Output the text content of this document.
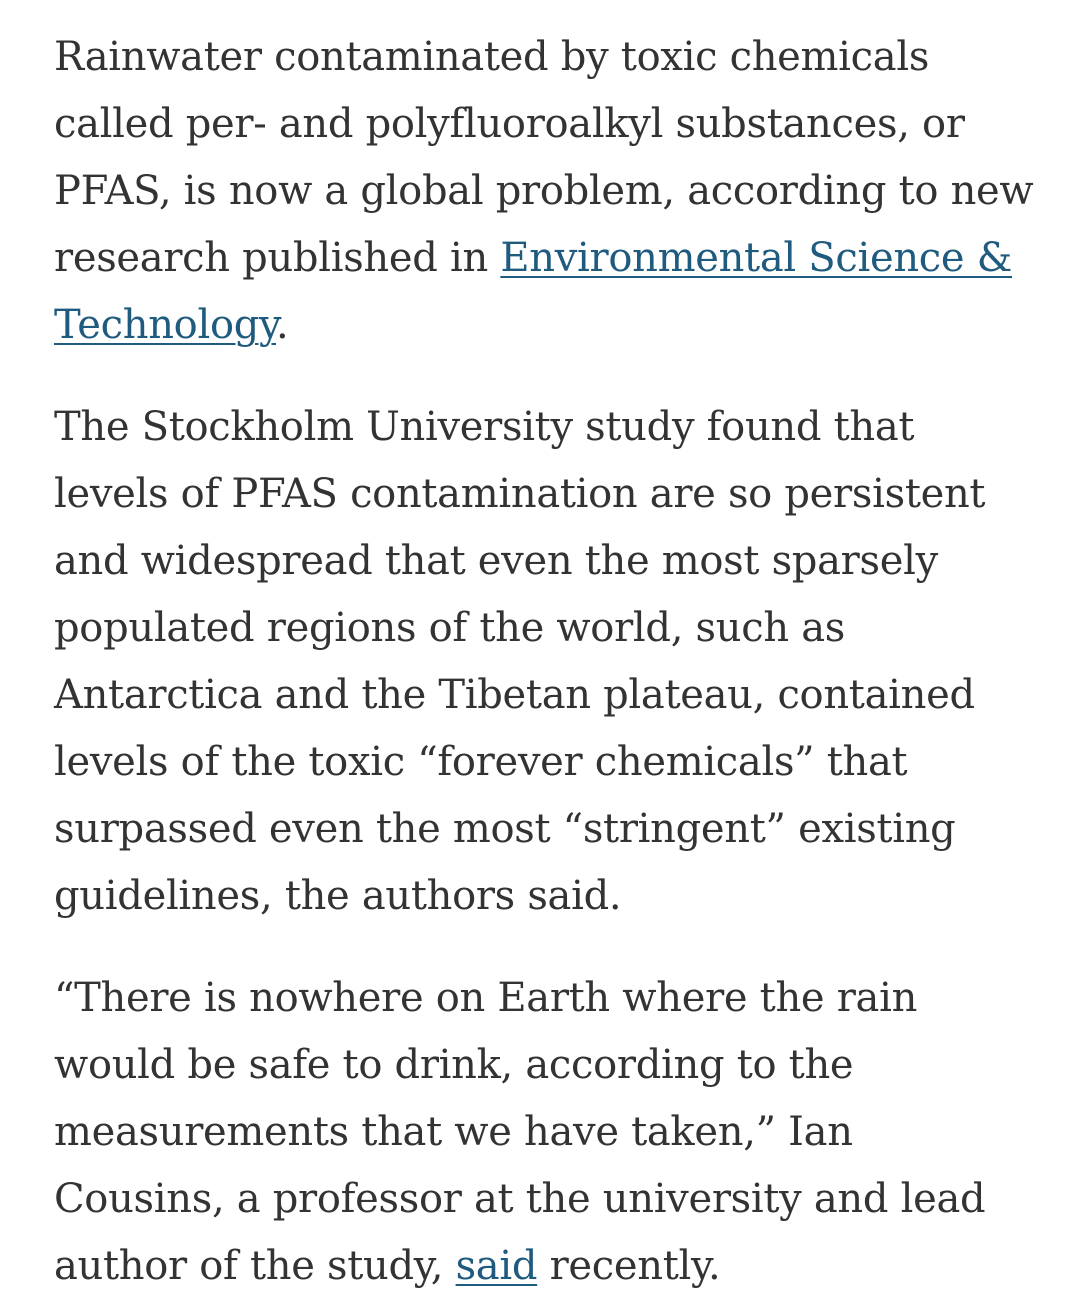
Rainwater contaminated by toxic chemicals called per- and polyfluoroalkyl substances, or PFAS, is now a global problem, according to new research published in Environmental Science & Technology.

The Stockholm University study found that levels of PFAS contamination are so persistent and widespread that even the most sparsely populated regions of the world, such as Antarctica and the Tibetan plateau, contained levels of the toxic “forever chemicals” that surpassed even the most “stringent” existing guidelines, the authors said.

“There is nowhere on Earth where the rain would be safe to drink, according to the measurements that we have taken,” Ian Cousins, a professor at the university and lead author of the study, said recently.
